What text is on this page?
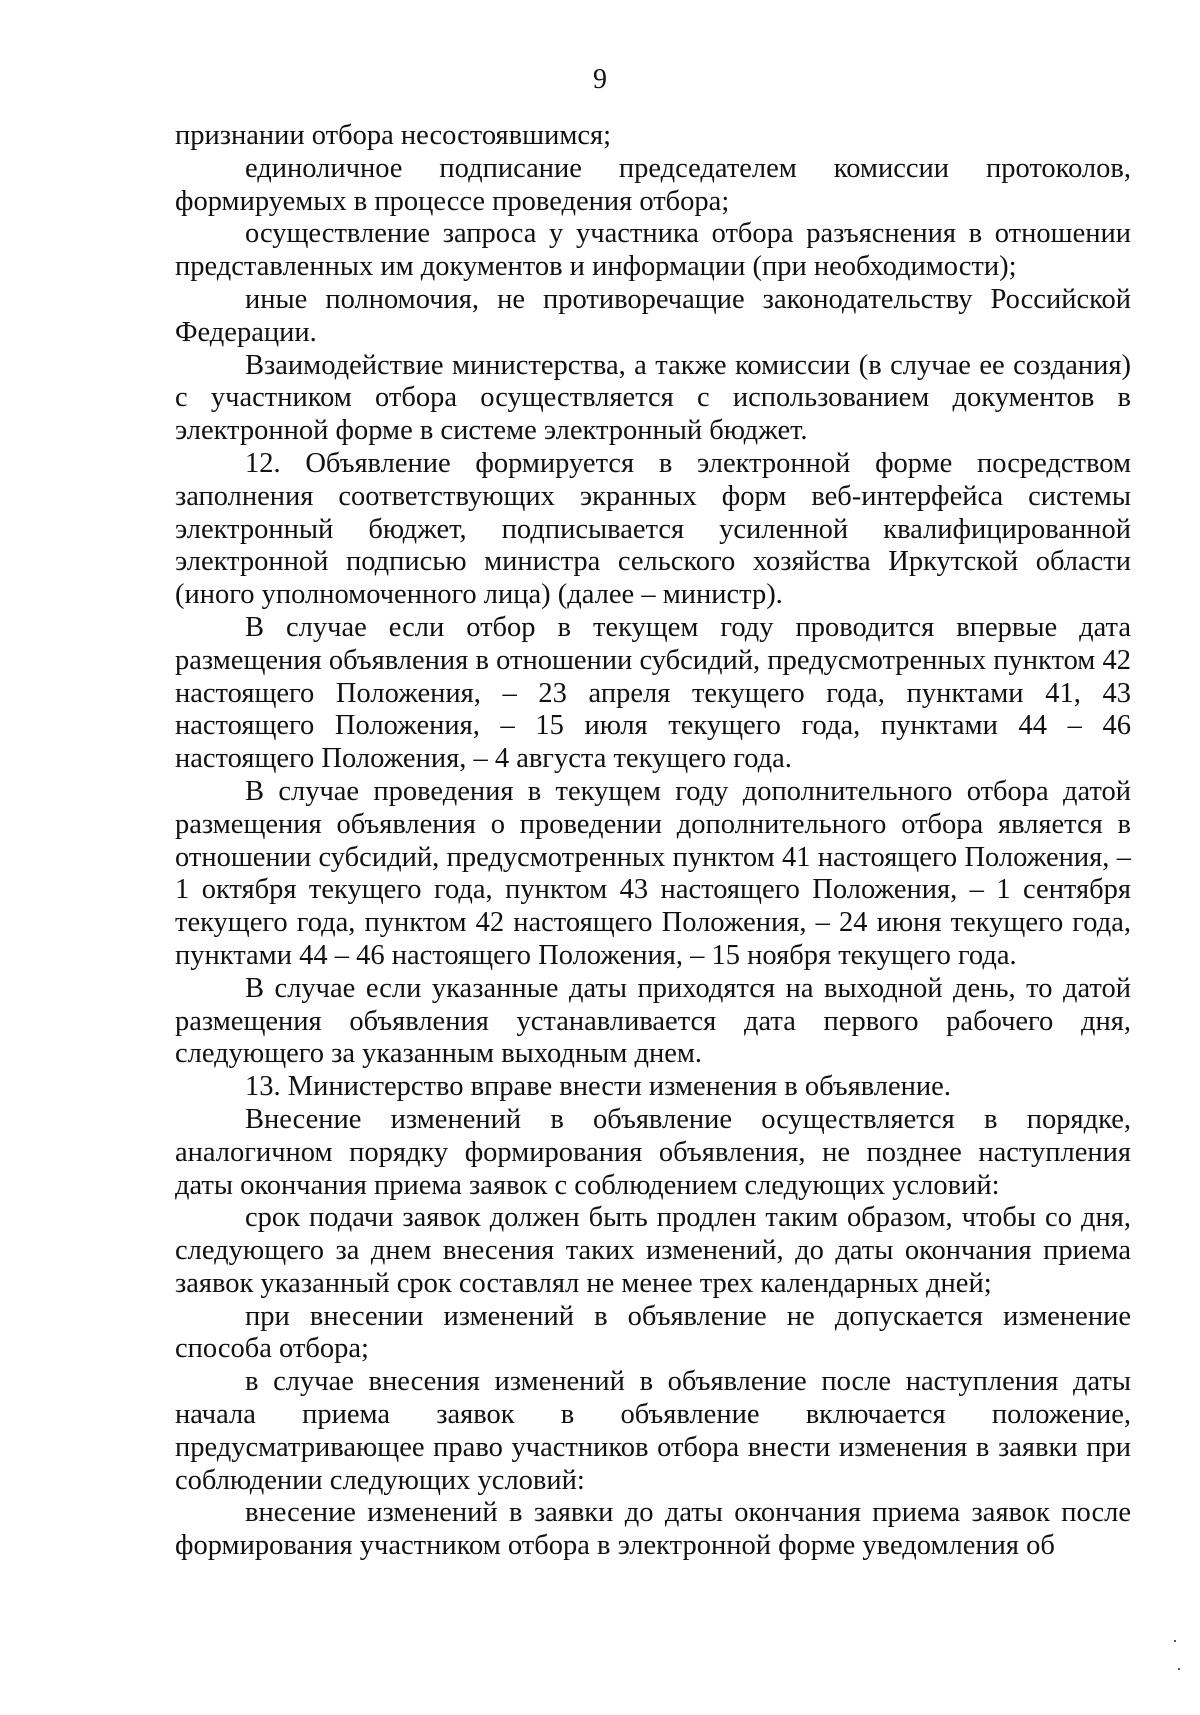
9

признании отбора несостоявшимся;

единоличное подписание председателем комиссии протоколов, формируемых в процессе проведения отбора;

осуществление запроса у участника отбора разъяснения в отношении представленных им документов и информации (при необходимости);

иные полномочия, не противоречащие законодательству Российской Федерации.

Взаимодействие министерства, а также комиссии (в случае ее создания) с участником отбора осуществляется с использованием документов в электронной форме в системе электронный бюджет.

12. Объявление формируется в электронной форме посредством заполнения соответствующих экранных форм веб-интерфейса системы электронный бюджет, подписывается усиленной квалифицированной электронной подписью министра сельского хозяйства Иркутской области (иного уполномоченного лица) (далее – министр).

В случае если отбор в текущем году проводится впервые дата размещения объявления в отношении субсидий, предусмотренных пунктом 42 настоящего Положения, – 23 апреля текущего года, пунктами 41, 43 настоящего Положения, – 15 июля текущего года, пунктами 44 – 46 настоящего Положения, – 4 августа текущего года.

В случае проведения в текущем году дополнительного отбора датой размещения объявления о проведении дополнительного отбора является в отношении субсидий, предусмотренных пунктом 41 настоящего Положения, – 1 октября текущего года, пунктом 43 настоящего Положения, – 1 сентября текущего года, пунктом 42 настоящего Положения, – 24 июня текущего года, пунктами 44 – 46 настоящего Положения, – 15 ноября текущего года.

В случае если указанные даты приходятся на выходной день, то датой размещения объявления устанавливается дата первого рабочего дня, следующего за указанным выходным днем.

13. Министерство вправе внести изменения в объявление.

Внесение изменений в объявление осуществляется в порядке, аналогичном порядку формирования объявления, не позднее наступления даты окончания приема заявок с соблюдением следующих условий:

срок подачи заявок должен быть продлен таким образом, чтобы со дня, следующего за днем внесения таких изменений, до даты окончания приема заявок указанный срок составлял не менее трех календарных дней;

при внесении изменений в объявление не допускается изменение способа отбора;

в случае внесения изменений в объявление после наступления даты начала приема заявок в объявление включается положение, предусматривающее право участников отбора внести изменения в заявки при соблюдении следующих условий:

внесение изменений в заявки до даты окончания приема заявок после формирования участником отбора в электронной форме уведомления об
